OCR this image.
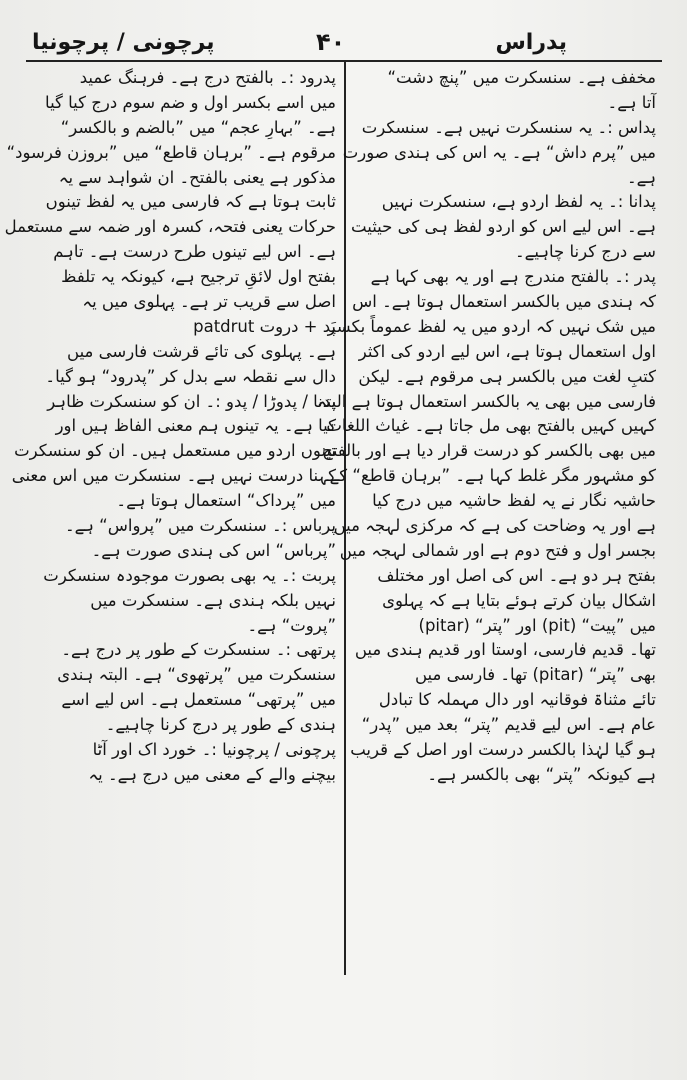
پرچونی / پرچونیا	۴۰	پدراس
مخفف ہے۔ سنسکرت میں ”پنچ دشت“
آتا ہے۔
پداس :۔ یہ سنسکرت نہیں ہے۔ سنسکرت
میں ”پرم داش“ ہے۔ یہ اس کی ہندی صورت
ہے۔
پدانا :۔ یہ لفظ اردو ہے، سنسکرت نہیں
ہے۔ اس لیے اس کو اردو لفظ ہی کی حیثیت
سے درج کرنا چاہیے۔
پدر :۔ بالفتح مندرج ہے اور یہ بھی کہا ہے
کہ ہندی میں بالکسر استعمال ہوتا ہے۔ اس
میں شک نہیں کہ اردو میں یہ لفظ عموماً بکسر
اول استعمال ہوتا ہے، اس لیے اردو کی اکثر
کتبِ لغت میں بالکسر ہی مرقوم ہے۔ لیکن
فارسی میں بھی یہ بالکسر استعمال ہوتا ہے البتہ
کہیں کہیں بالفتح بھی مل جاتا ہے۔ غیاث اللغات
میں بھی بالکسر کو درست قرار دیا ہے اور بالفتح
کو مشہور مگر غلط کہا ہے۔ ”برہان قاطع“ کے
حاشیہ نگار نے یہ لفظ حاشیہ میں درج کیا
ہے اور یہ وضاحت کی ہے کہ مرکزی لہجہ میں
بجسر اول و فتح دوم ہے اور شمالی لہجہ میں
بفتح ہر دو ہے۔ اس کی اصل اور مختلف
اشکال بیان کرتے ہوئے بتایا ہے کہ پہلوی
میں ”پیت“ (pit) اور ”پتر“ (pitar)
تھا۔ قدیم فارسی، اوستا اور قدیم ہندی میں
بھی ”پتر“ (pitar) تھا۔ فارسی میں
تائے مثناۃ فوقانیہ اور دال مہملہ کا تبادل
عام ہے۔ اس لیے قدیم ”پتر“ بعد میں ”پدر“
ہو گیا لہٰذا بالکسر درست اور اصل کے قریب
ہے کیونکہ ”پتر“ بھی بالکسر ہے۔
پدرود :۔ بالفتح درج ہے۔ فرہنگ عمید
میں اسے بکسر اول و ضم سوم درج کیا گیا
ہے۔ ”بہارِ عجم“ میں ”بالضم و بالکسر“
مرقوم ہے۔ ”برہان قاطع“ میں ”بروزن فرسود“
مذکور ہے یعنی بالفتح۔ ان شواہد سے یہ
ثابت ہوتا ہے کہ فارسی میں یہ لفظ تینوں
حرکات یعنی فتحہ، کسرہ اور ضمہ سے مستعمل
ہے۔ اس لیے تینوں طرح درست ہے۔ تاہم
بفتح اول لائقِ ترجیح ہے، کیونکہ یہ تلفظ
اصل سے قریب تر ہے۔ پہلوی میں یہ
پَد + دروت patdrut
ہے۔ پہلوی کی تائے قرشت فارسی میں
دال سے نقطہ سے بدل کر ”پدرود“ ہو گیا۔
پدنا / پدوڑا / پدو :۔ ان کو سنسکرت ظاہر
کیا ہے۔ یہ تینوں ہم معنی الفاظ ہیں اور
تینوں اردو میں مستعمل ہیں۔ ان کو سنسکرت
کہنا درست نہیں ہے۔ سنسکرت میں اس معنی
میں ”پرداک“ استعمال ہوتا ہے۔
پرباس :۔ سنسکرت میں ”پرواس“ ہے۔
”پرباس“ اس کی ہندی صورت ہے۔
پربت :۔ یہ بھی بصورت موجودہ سنسکرت
نہیں بلکہ ہندی ہے۔ سنسکرت میں
”پروت“ ہے۔
پرتھی :۔ سنسکرت کے طور پر درج ہے۔
سنسکرت میں ”پرتھوی“ ہے۔ البتہ ہندی
میں ”پرتھی“ مستعمل ہے۔ اس لیے اسے
ہندی کے طور پر درج کرنا چاہیے۔
پرچونی / پرچونیا :۔ خورد اک اور آٹا
بیچنے والے کے معنی میں درج ہے۔ یہ
